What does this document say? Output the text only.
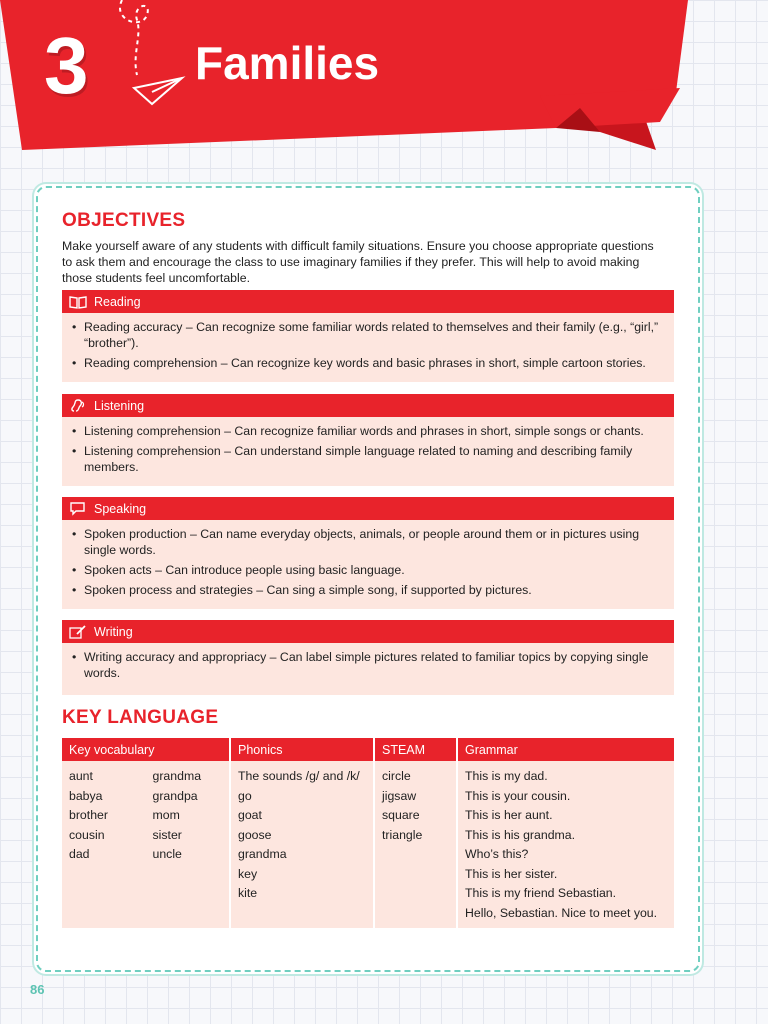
3 Families
OBJECTIVES
Make yourself aware of any students with difficult family situations. Ensure you choose appropriate questions to ask them and encourage the class to use imaginary families if they prefer. This will help to avoid making those students feel uncomfortable.
Reading
• Reading accuracy – Can recognize some familiar words related to themselves and their family (e.g., “girl,” “brother”).
• Reading comprehension – Can recognize key words and basic phrases in short, simple cartoon stories.
Listening
• Listening comprehension – Can recognize familiar words and phrases in short, simple songs or chants.
• Listening comprehension – Can understand simple language related to naming and describing family members.
Speaking
• Spoken production – Can name everyday objects, animals, or people around them or in pictures using single words.
• Spoken acts – Can introduce people using basic language.
• Spoken process and strategies – Can sing a simple song, if supported by pictures.
Writing
• Writing accuracy and appropriacy – Can label simple pictures related to familiar topics by copying single words.
KEY LANGUAGE
Key vocabulary
aunt
babya
brother
cousin
dad
grandma
grandpa
mom
sister
uncle
Phonics
The sounds /g/ and /k/
go
goat
goose
grandma
key
kite
STEAM
circle
jigsaw
square
triangle
Grammar
This is my dad.
This is your cousin.
This is her aunt.
This is his grandma.
Who’s this?
This is her sister.
This is my friend Sebastian.
Hello, Sebastian. Nice to meet you.
86
